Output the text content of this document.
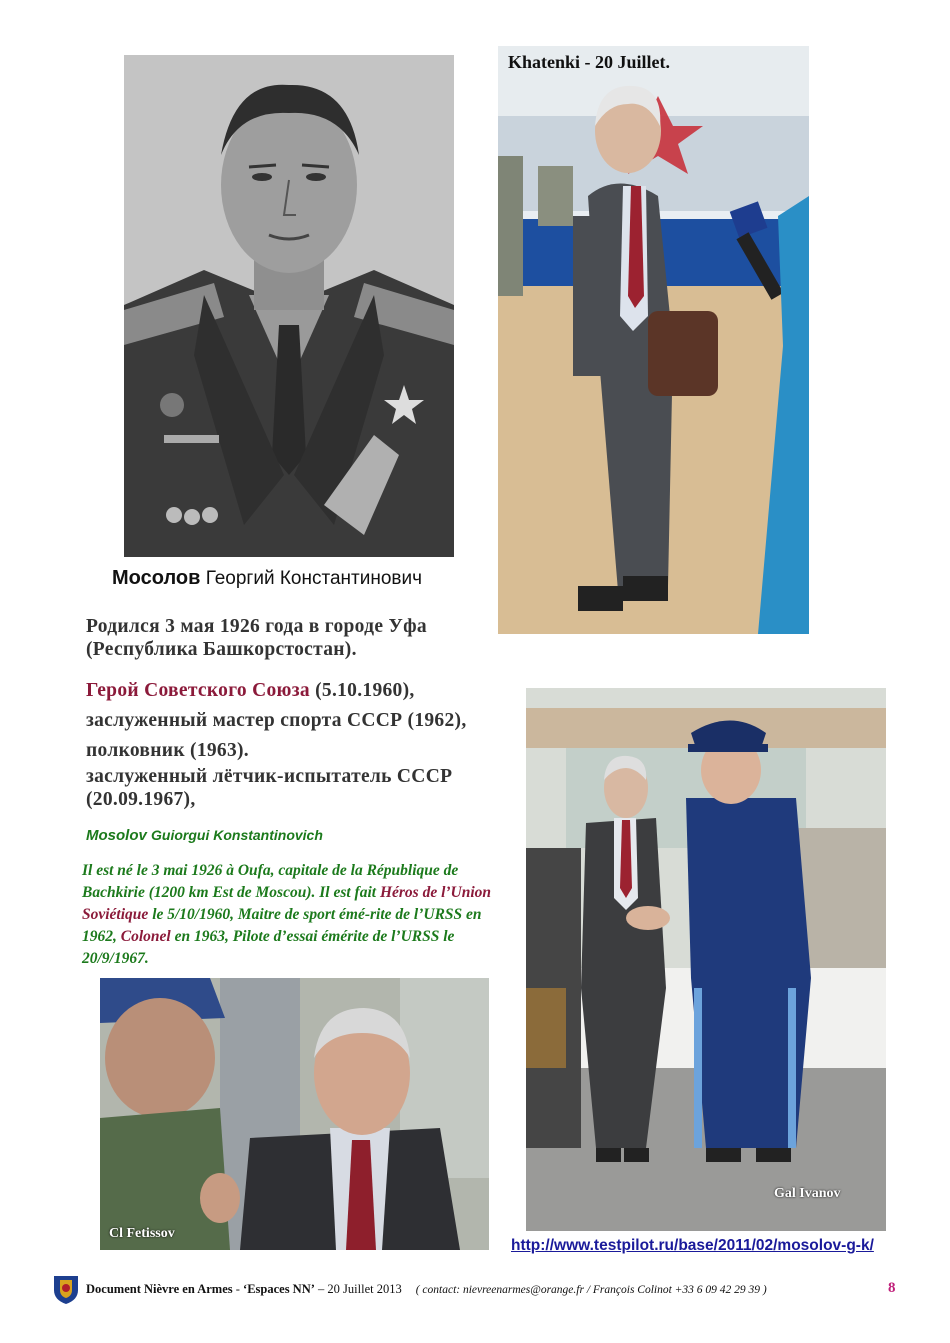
Khatenki - 20 Juillet.
Мосолов Георгий Константинович
Родился 3 мая 1926 года в городе Уфа
(Республика Башкорстостан).
Герой Советского Союза (5.10.1960),
заслуженный мастер спорта СССР (1962),
полковник (1963).
заслуженный лётчик-испытатель СССР
(20.09.1967),
Mosolov Guiorgui Konstantinovich
Il est né le 3 mai 1926 à Oufa, capitale de la République de Bachkirie (1200 km Est de Moscou). Il est fait Héros de l’Union Soviétique le 5/10/1960, Maitre de sport émé-rite de l’URSS en 1962, Colonel en 1963, Pilote d’essai émérite de l’URSS le 20/9/1967.
Gal Ivanov
Cl Fetissov
http://www.testpilot.ru/base/2011/02/mosolov-g-k/
Document Nièvre en Armes - ‘Espaces NN’ – 20 Juillet 2013 ( contact: nievreenarmes@orange.fr / François Colinot +33 6 09 42 29 39 )	8
